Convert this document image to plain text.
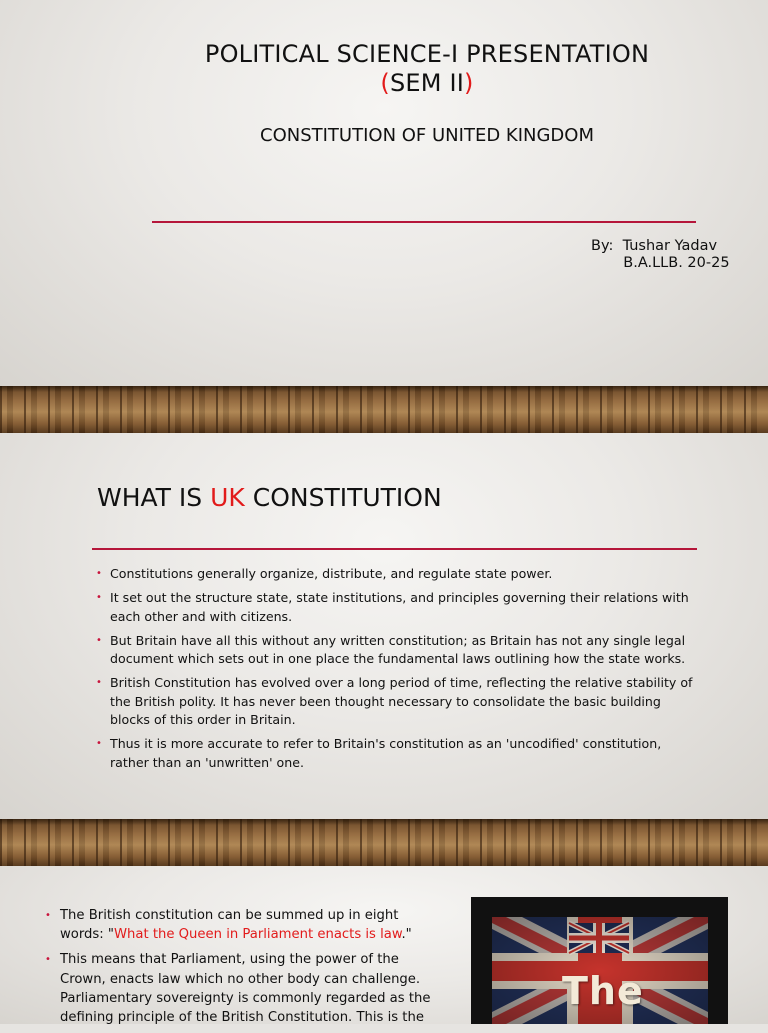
POLITICAL SCIENCE-I PRESENTATION
(SEM II)
CONSTITUTION OF UNITED KINGDOM
By:  Tushar Yadav
B.A.LLB. 20-25
WHAT IS UK CONSTITUTION
• Constitutions generally organize, distribute, and regulate state power.
• It set out the structure state, state institutions, and principles governing their relations with each other and with citizens.
• But Britain have all this without any written constitution; as Britain has not any single legal document which sets out in one place the fundamental laws outlining how the state works.
• British Constitution has evolved over a long period of time, reflecting the relative stability of the British polity. It has never been thought necessary to consolidate the basic building blocks of this order in Britain.
• Thus it is more accurate to refer to Britain's constitution as an 'uncodified' constitution, rather than an 'unwritten' one.
• The British constitution can be summed up in eight words: "What the Queen in Parliament enacts is law."
• This means that Parliament, using the power of the Crown, enacts law which no other body can challenge. Parliamentary sovereignty is commonly regarded as the defining principle of the British Constitution. This is the
The
